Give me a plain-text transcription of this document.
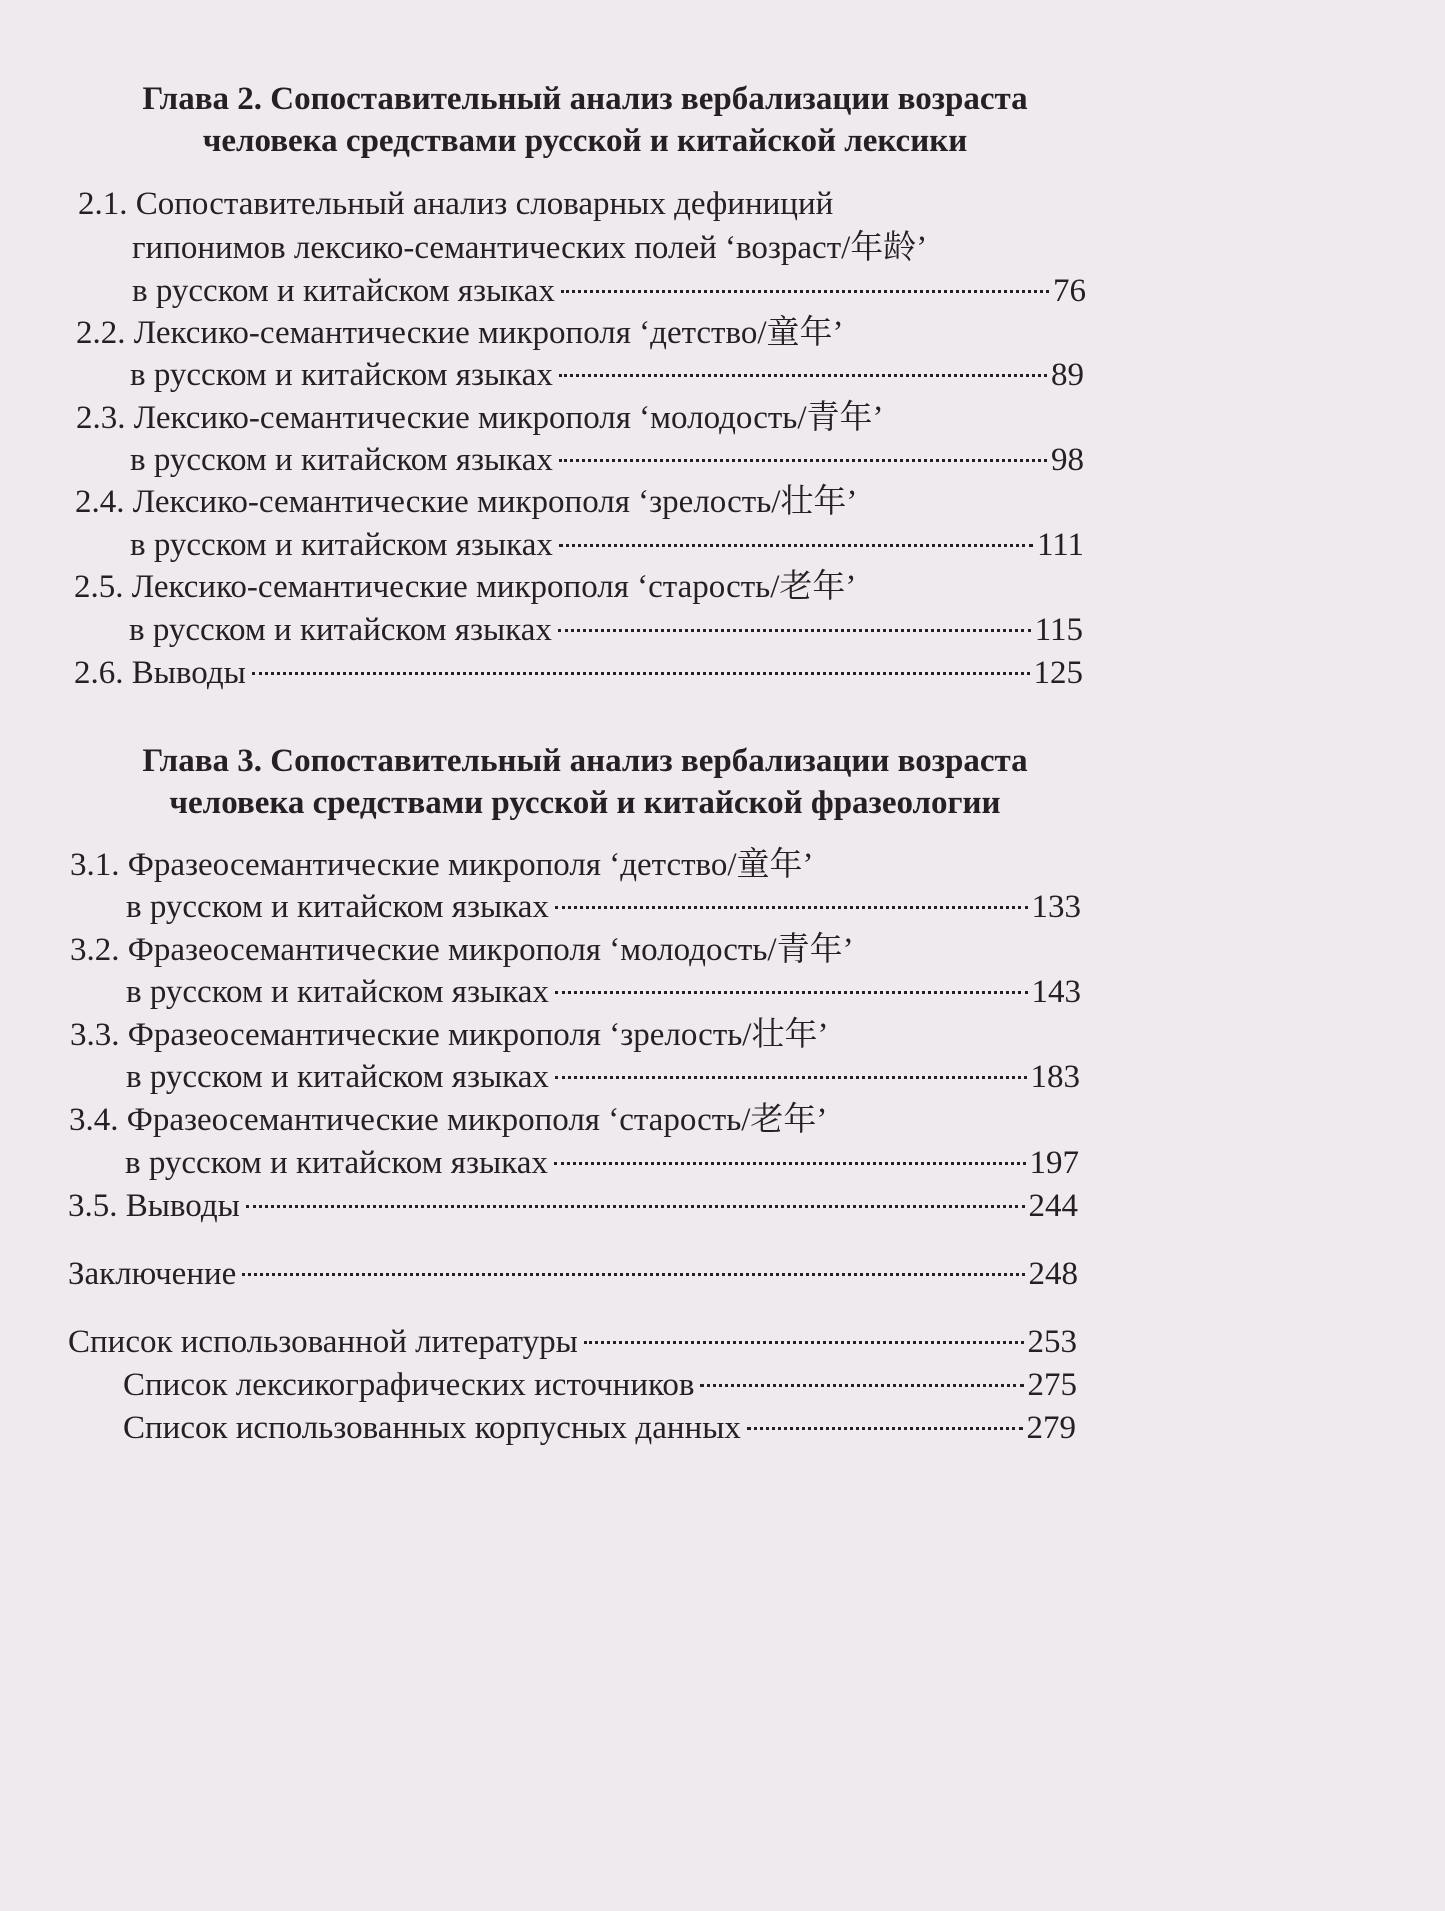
Глава 2. Сопоставительный анализ вербализации возраста
человека средствами русской и китайской лексики
2.1. Сопоставительный анализ словарных дефиниций
гипонимов лексико-семантических полей ‘возраст/年龄’
в русском и китайском языках	76
2.2. Лексико-семантические микрополя ‘детство/童年’
в русском и китайском языках	89
2.3. Лексико-семантические микрополя ‘молодость/青年’
в русском и китайском языках	98
2.4. Лексико-семантические микрополя ‘зрелость/壮年’
в русском и китайском языках	111
2.5. Лексико-семантические микрополя ‘старость/老年’
в русском и китайском языках	115
2.6. Выводы	125
Глава 3. Сопоставительный анализ вербализации возраста
человека средствами русской и китайской фразеологии
3.1. Фразеосемантические микрополя ‘детство/童年’
в русском и китайском языках	133
3.2. Фразеосемантические микрополя ‘молодость/青年’
в русском и китайском языках	143
3.3. Фразеосемантические микрополя ‘зрелость/壮年’
в русском и китайском языках	183
3.4. Фразеосемантические микрополя ‘старость/老年’
в русском и китайском языках	197
3.5. Выводы	244
Заключение	248
Список использованной литературы	253
Список лексикографических источников	275
Список использованных корпусных данных	279
